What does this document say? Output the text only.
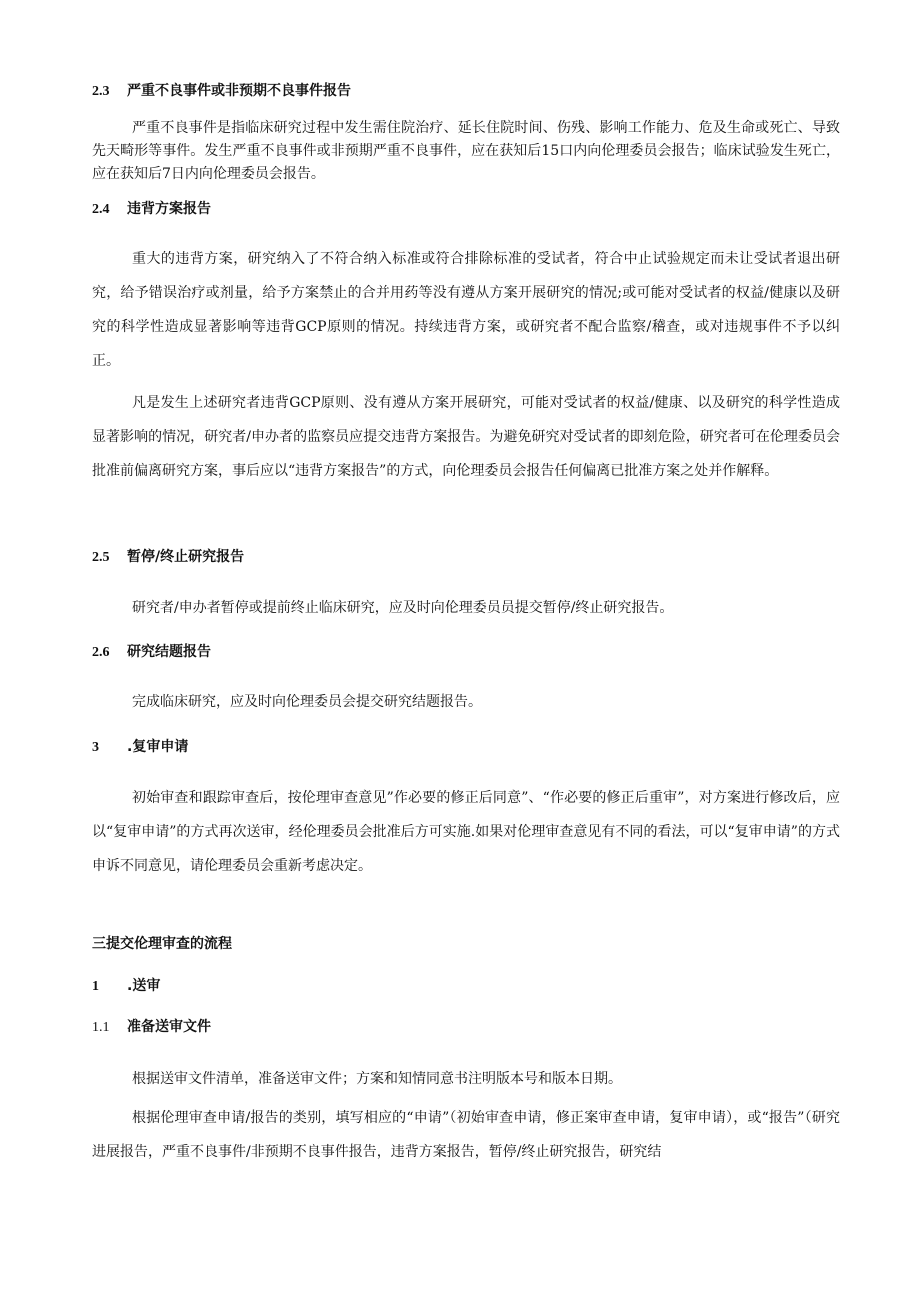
2.3 严重不良事件或非预期不良事件报告
严重不良事件是指临床研究过程中发生需住院治疗、延长住院时间、伤残、影响工作能力、危及生命或死亡、导致先天畸形等事件。发生严重不良事件或非预期严重不良事件，应在获知后15口内向伦理委员会报告；临床试验发生死亡，应在获知后7日内向伦理委员会报告。
2.4 违背方案报告
重大的违背方案，研究纳入了不符合纳入标准或符合排除标准的受试者，符合中止试验规定而未让受试者退出研究，给予错误治疗或剂量，给予方案禁止的合并用药等没有遵从方案开展研究的情况;或可能对受试者的权益/健康以及研究的科学性造成显著影响等违背GCP原则的情况。持续违背方案，或研究者不配合监察/稽查，或对违规事件不予以纠正。
凡是发生上述研究者违背GCP原则、没有遵从方案开展研究，可能对受试者的权益/健康、以及研究的科学性造成显著影响的情况，研究者/申办者的监察员应提交违背方案报告。为避免研究对受试者的即刻危险，研究者可在伦理委员会批准前偏离研究方案，事后应以“违背方案报告”的方式，向伦理委员会报告任何偏离已批准方案之处并作解释。
2.5 暂停/终止研究报告
研究者/申办者暂停或提前终止临床研究，应及时向伦理委员员提交暂停/终止研究报告。
2.6 研究结题报告
完成临床研究，应及时向伦理委员会提交研究结题报告。
3 .复审申请
初始审查和跟踪审查后，按伦理审查意见”作必要的修正后同意”、“作必要的修正后重审”，对方案进行修改后，应以“复审申请”的方式再次送审，经伦理委员会批准后方可实施.如果对伦理审查意见有不同的看法，可以“复审申请”的方式申诉不同意见，请伦理委员会重新考虑决定。
三提交伦理审查的流程
1 .送审
1.1 准备送审文件
根据送审文件清单，准备送审文件；方案和知情同意书注明版本号和版本日期。
根据伦理审查申请/报告的类别，填写相应的“申请”（初始审查申请，修正案审查申请，复审申请），或“报告”（研究进展报告，严重不良事件/非预期不良事件报告，违背方案报告，暂停/终止研究报告，研究结
